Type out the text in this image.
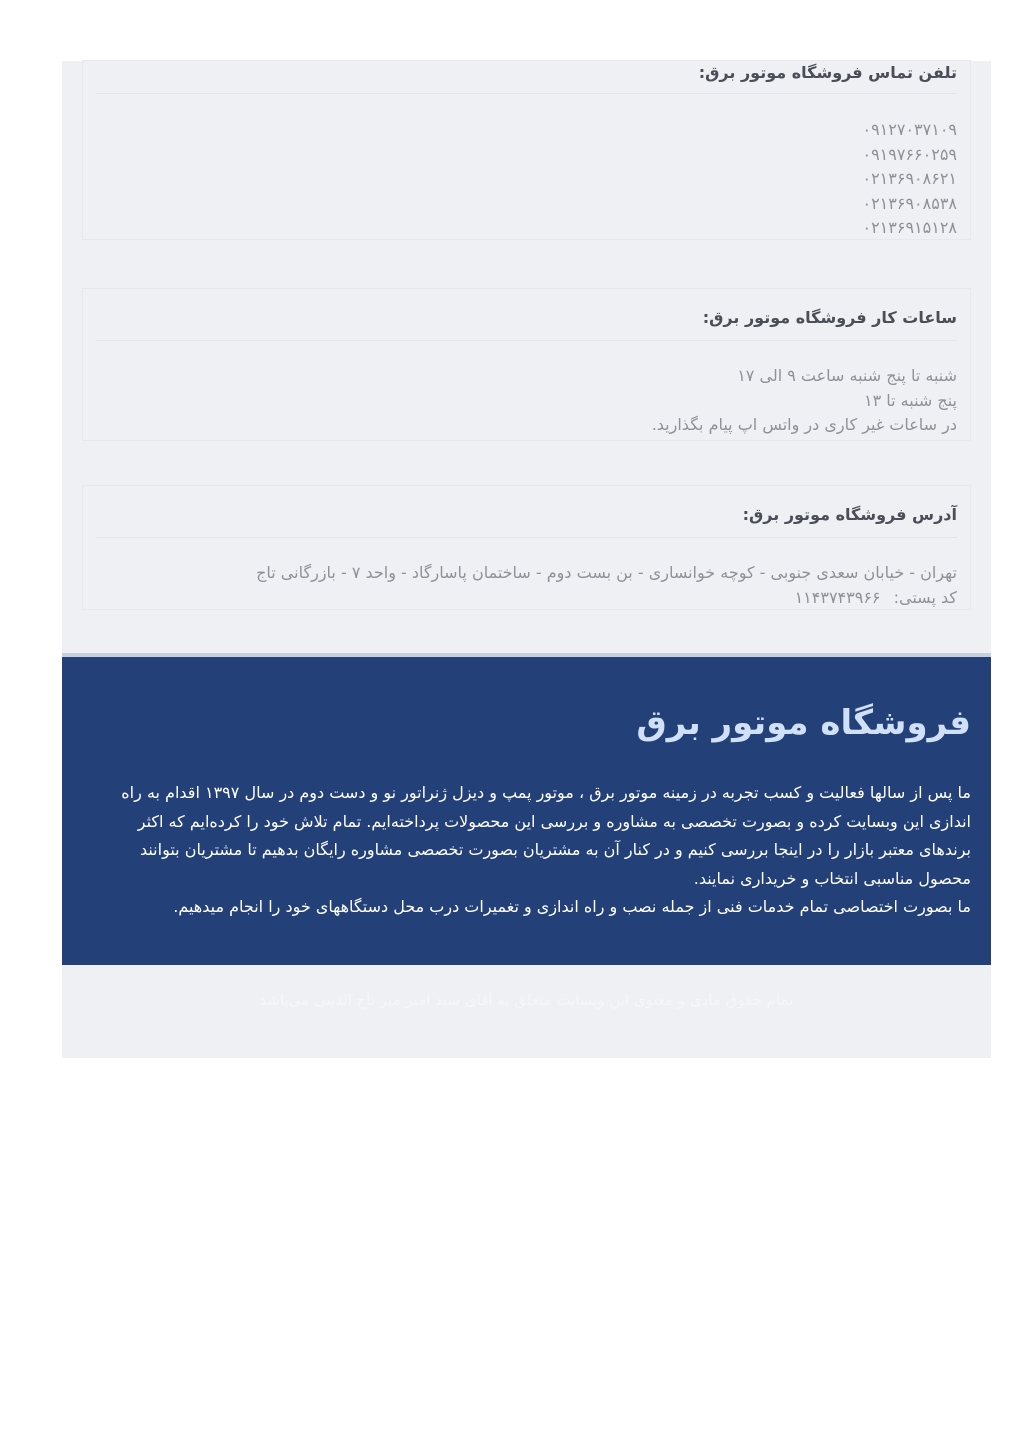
تلفن تماس فروشگاه موتور برق:
۰۹۱۲۷۰۳۷۱۰۹
۰۹۱۹۷۶۶۰۲۵۹
۰۲۱۳۶۹۰۸۶۲۱
۰۲۱۳۶۹۰۸۵۳۸
۰۲۱۳۶۹۱۵۱۲۸
ساعات کار فروشگاه موتور برق:
شنبه تا پنج شنبه ساعت ۹ الی ۱۷
پنج شنبه تا ۱۳
در ساعات غیر کاری در واتس اپ پیام بگذارید.
آدرس فروشگاه موتور برق:
تهران - خیابان سعدی جنوبی - کوچه خوانساری - بن بست دوم - ساختمان پاسارگاد - واحد ۷ - بازرگانی تاج
کد پستی: ۱۱۴۳۷۴۳۹۶۶
فروشگاه موتور برق
ما پس از سالها فعالیت و کسب تجربه در زمینه موتور برق ، موتور پمپ و دیزل ژنراتور نو و دست دوم در سال ۱۳۹۷ اقدام به راه
اندازی این وبسایت کرده و بصورت تخصصی به مشاوره و بررسی این محصولات پرداخته‌ایم. تمام تلاش خود را کرده‌ایم که اکثر
برندهای معتبر بازار را در اینجا بررسی کنیم و در کنار آن به مشتریان بصورت تخصصی مشاوره رایگان بدهیم تا مشتریان بتوانند
محصول مناسبی انتخاب و خریداری نمایند.
ما بصورت اختصاصی تمام خدمات فنی از جمله نصب و راه اندازی و تغمیرات درب محل دستگاههای خود را انجام میدهیم.
تمام حقوق مادی و معنوی این وبسایت متعلق به آقای سید امیر میر تاج الدینی می‌باشد
